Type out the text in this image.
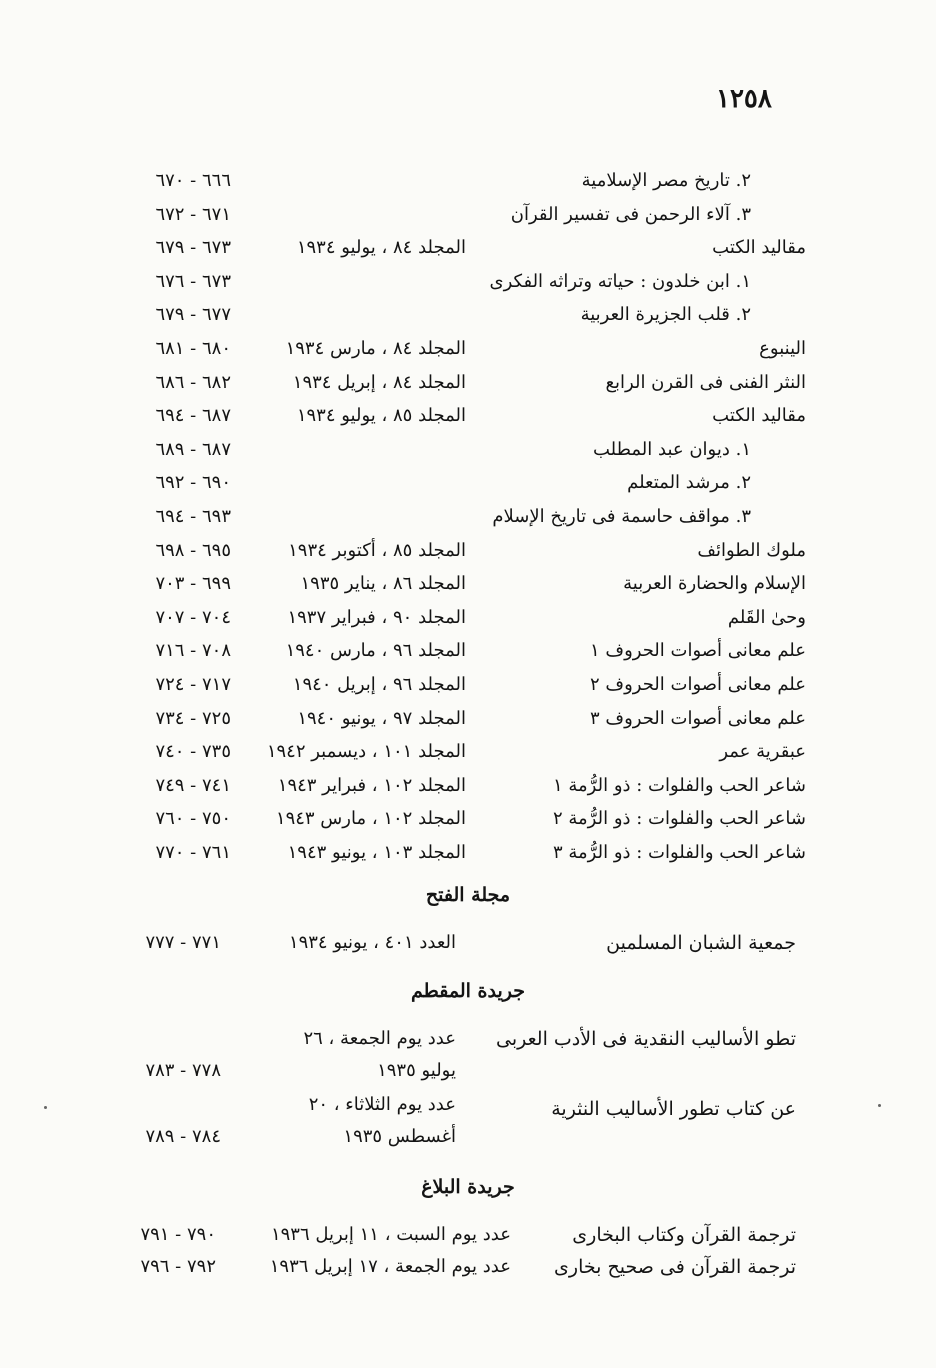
١٢٥٨
٢. تاريخ مصر الإسلامية
٦٦٦ - ٦٧٠
٣. آلاء الرحمن فى تفسير القرآن
٦٧١ - ٦٧٢
مقاليد الكتب
المجلد ٨٤ ، يوليو ١٩٣٤
٦٧٣ - ٦٧٩
١. ابن خلدون : حياته وتراثه الفكرى
٦٧٣ - ٦٧٦
٢. قلب الجزيرة العربية
٦٧٧ - ٦٧٩
الينبوع
المجلد ٨٤ ، مارس ١٩٣٤
٦٨٠ - ٦٨١
النثر الفنى فى القرن الرابع
المجلد ٨٤ ، إبريل ١٩٣٤
٦٨٢ - ٦٨٦
مقاليد الكتب
المجلد ٨٥ ، يوليو ١٩٣٤
٦٨٧ - ٦٩٤
١. ديوان عبد المطلب
٦٨٧ - ٦٨٩
٢. مرشد المتعلم
٦٩٠ - ٦٩٢
٣. مواقف حاسمة فى تاريخ الإسلام
٦٩٣ - ٦٩٤
ملوك الطوائف
المجلد ٨٥ ، أكتوبر ١٩٣٤
٦٩٥ - ٦٩٨
الإسلام والحضارة العربية
المجلد ٨٦ ، يناير ١٩٣٥
٦٩٩ - ٧٠٣
وحیٰ القَلم
المجلد ٩٠ ، فبراير ١٩٣٧
٧٠٤ - ٧٠٧
علم معانى أصوات الحروف ١
المجلد ٩٦ ، مارس ١٩٤٠
٧٠٨ - ٧١٦
علم معانى أصوات الحروف ٢
المجلد ٩٦ ، إبريل ١٩٤٠
٧١٧ - ٧٢٤
علم معانى أصوات الحروف ٣
المجلد ٩٧ ، يونيو ١٩٤٠
٧٢٥ - ٧٣٤
عبقرية عمر
المجلد ١٠١ ، ديسمبر ١٩٤٢
٧٣٥ - ٧٤٠
شاعر الحب والفلوات : ذو الرُّمة ١
المجلد ١٠٢ ، فبراير ١٩٤٣
٧٤١ - ٧٤٩
شاعر الحب والفلوات : ذو الرُّمة ٢
المجلد ١٠٢ ، مارس ١٩٤٣
٧٥٠ - ٧٦٠
شاعر الحب والفلوات : ذو الرُّمة ٣
المجلد ١٠٣ ، يونيو ١٩٤٣
٧٦١ - ٧٧٠
مجلة الفتح
جمعية الشبان المسلمين
العدد ٤٠١ ، يونيو ١٩٣٤
٧٧١ - ٧٧٧
جريدة المقطم
تطو الأساليب النقدية فى الأدب العربى
عدد يوم الجمعة ، ٢٦
يوليو ١٩٣٥
٧٧٨ - ٧٨٣
عن كتاب تطور الأساليب النثرية
عدد يوم الثلاثاء ، ٢٠
أغسطس ١٩٣٥
٧٨٤ - ٧٨٩
جريدة البلاغ
ترجمة القرآن وكتاب البخارى
عدد يوم السبت ، ١١ إبريل ١٩٣٦
٧٩٠ - ٧٩١
ترجمة القرآن فى صحيح بخارى
عدد يوم الجمعة ، ١٧ إبريل ١٩٣٦
٧٩٢ - ٧٩٦
